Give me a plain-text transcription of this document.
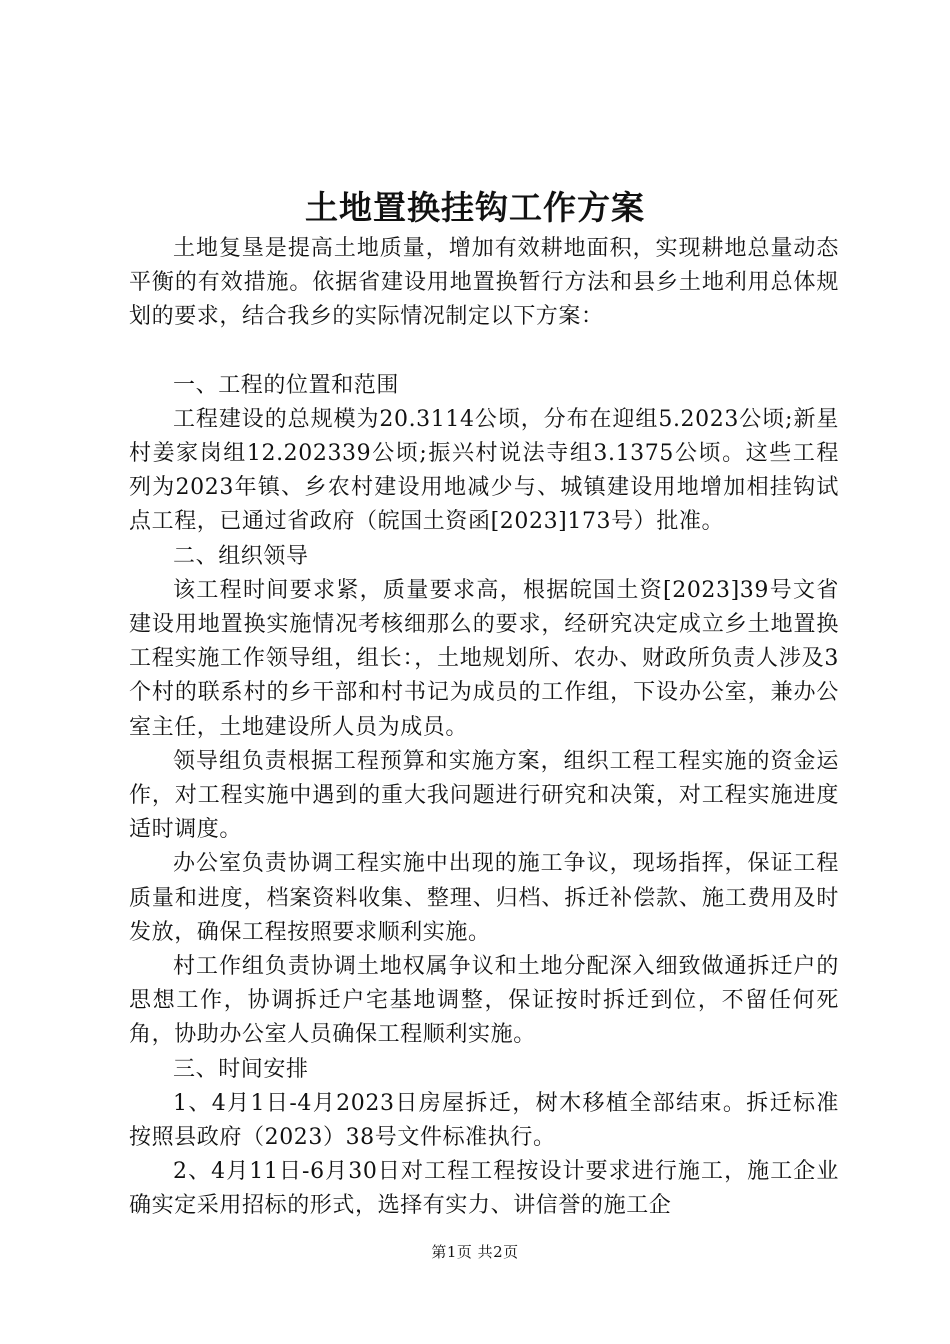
土地置换挂钩工作方案

土地复垦是提高土地质量，增加有效耕地面积，实现耕地总量动态平衡的有效措施。依据省建设用地置换暂行方法和县乡土地利用总体规划的要求，结合我乡的实际情况制定以下方案：

一、工程的位置和范围

工程建设的总规模为20.3114公顷，分布在迎组5.2023公顷;新星村姜家岗组12.202339公顷;振兴村说法寺组3.1375公顷。这些工程列为2023年镇、乡农村建设用地减少与、城镇建设用地增加相挂钩试点工程，已通过省政府（皖国土资函[2023]173号）批准。

二、组织领导

该工程时间要求紧，质量要求高，根据皖国土资[2023]39号文省建设用地置换实施情况考核细那么的要求，经研究决定成立乡土地置换工程实施工作领导组，组长：，土地规划所、农办、财政所负责人涉及3个村的联系村的乡干部和村书记为成员的工作组，下设办公室，兼办公室主任，土地建设所人员为成员。

领导组负责根据工程预算和实施方案，组织工程工程实施的资金运作，对工程实施中遇到的重大我问题进行研究和决策，对工程实施进度适时调度。

办公室负责协调工程实施中出现的施工争议，现场指挥，保证工程质量和进度，档案资料收集、整理、归档、拆迁补偿款、施工费用及时发放，确保工程按照要求顺利实施。

村工作组负责协调土地权属争议和土地分配深入细致做通拆迁户的思想工作，协调拆迁户宅基地调整，保证按时拆迁到位，不留任何死角，协助办公室人员确保工程顺利实施。

三、时间安排

1、4月1日-4月2023日房屋拆迁，树木移植全部结束。拆迁标准按照县政府（2023）38号文件标准执行。

2、4月11日-6月30日对工程工程按设计要求进行施工，施工企业确实定采用招标的形式，选择有实力、讲信誉的施工企

第1页 共2页
